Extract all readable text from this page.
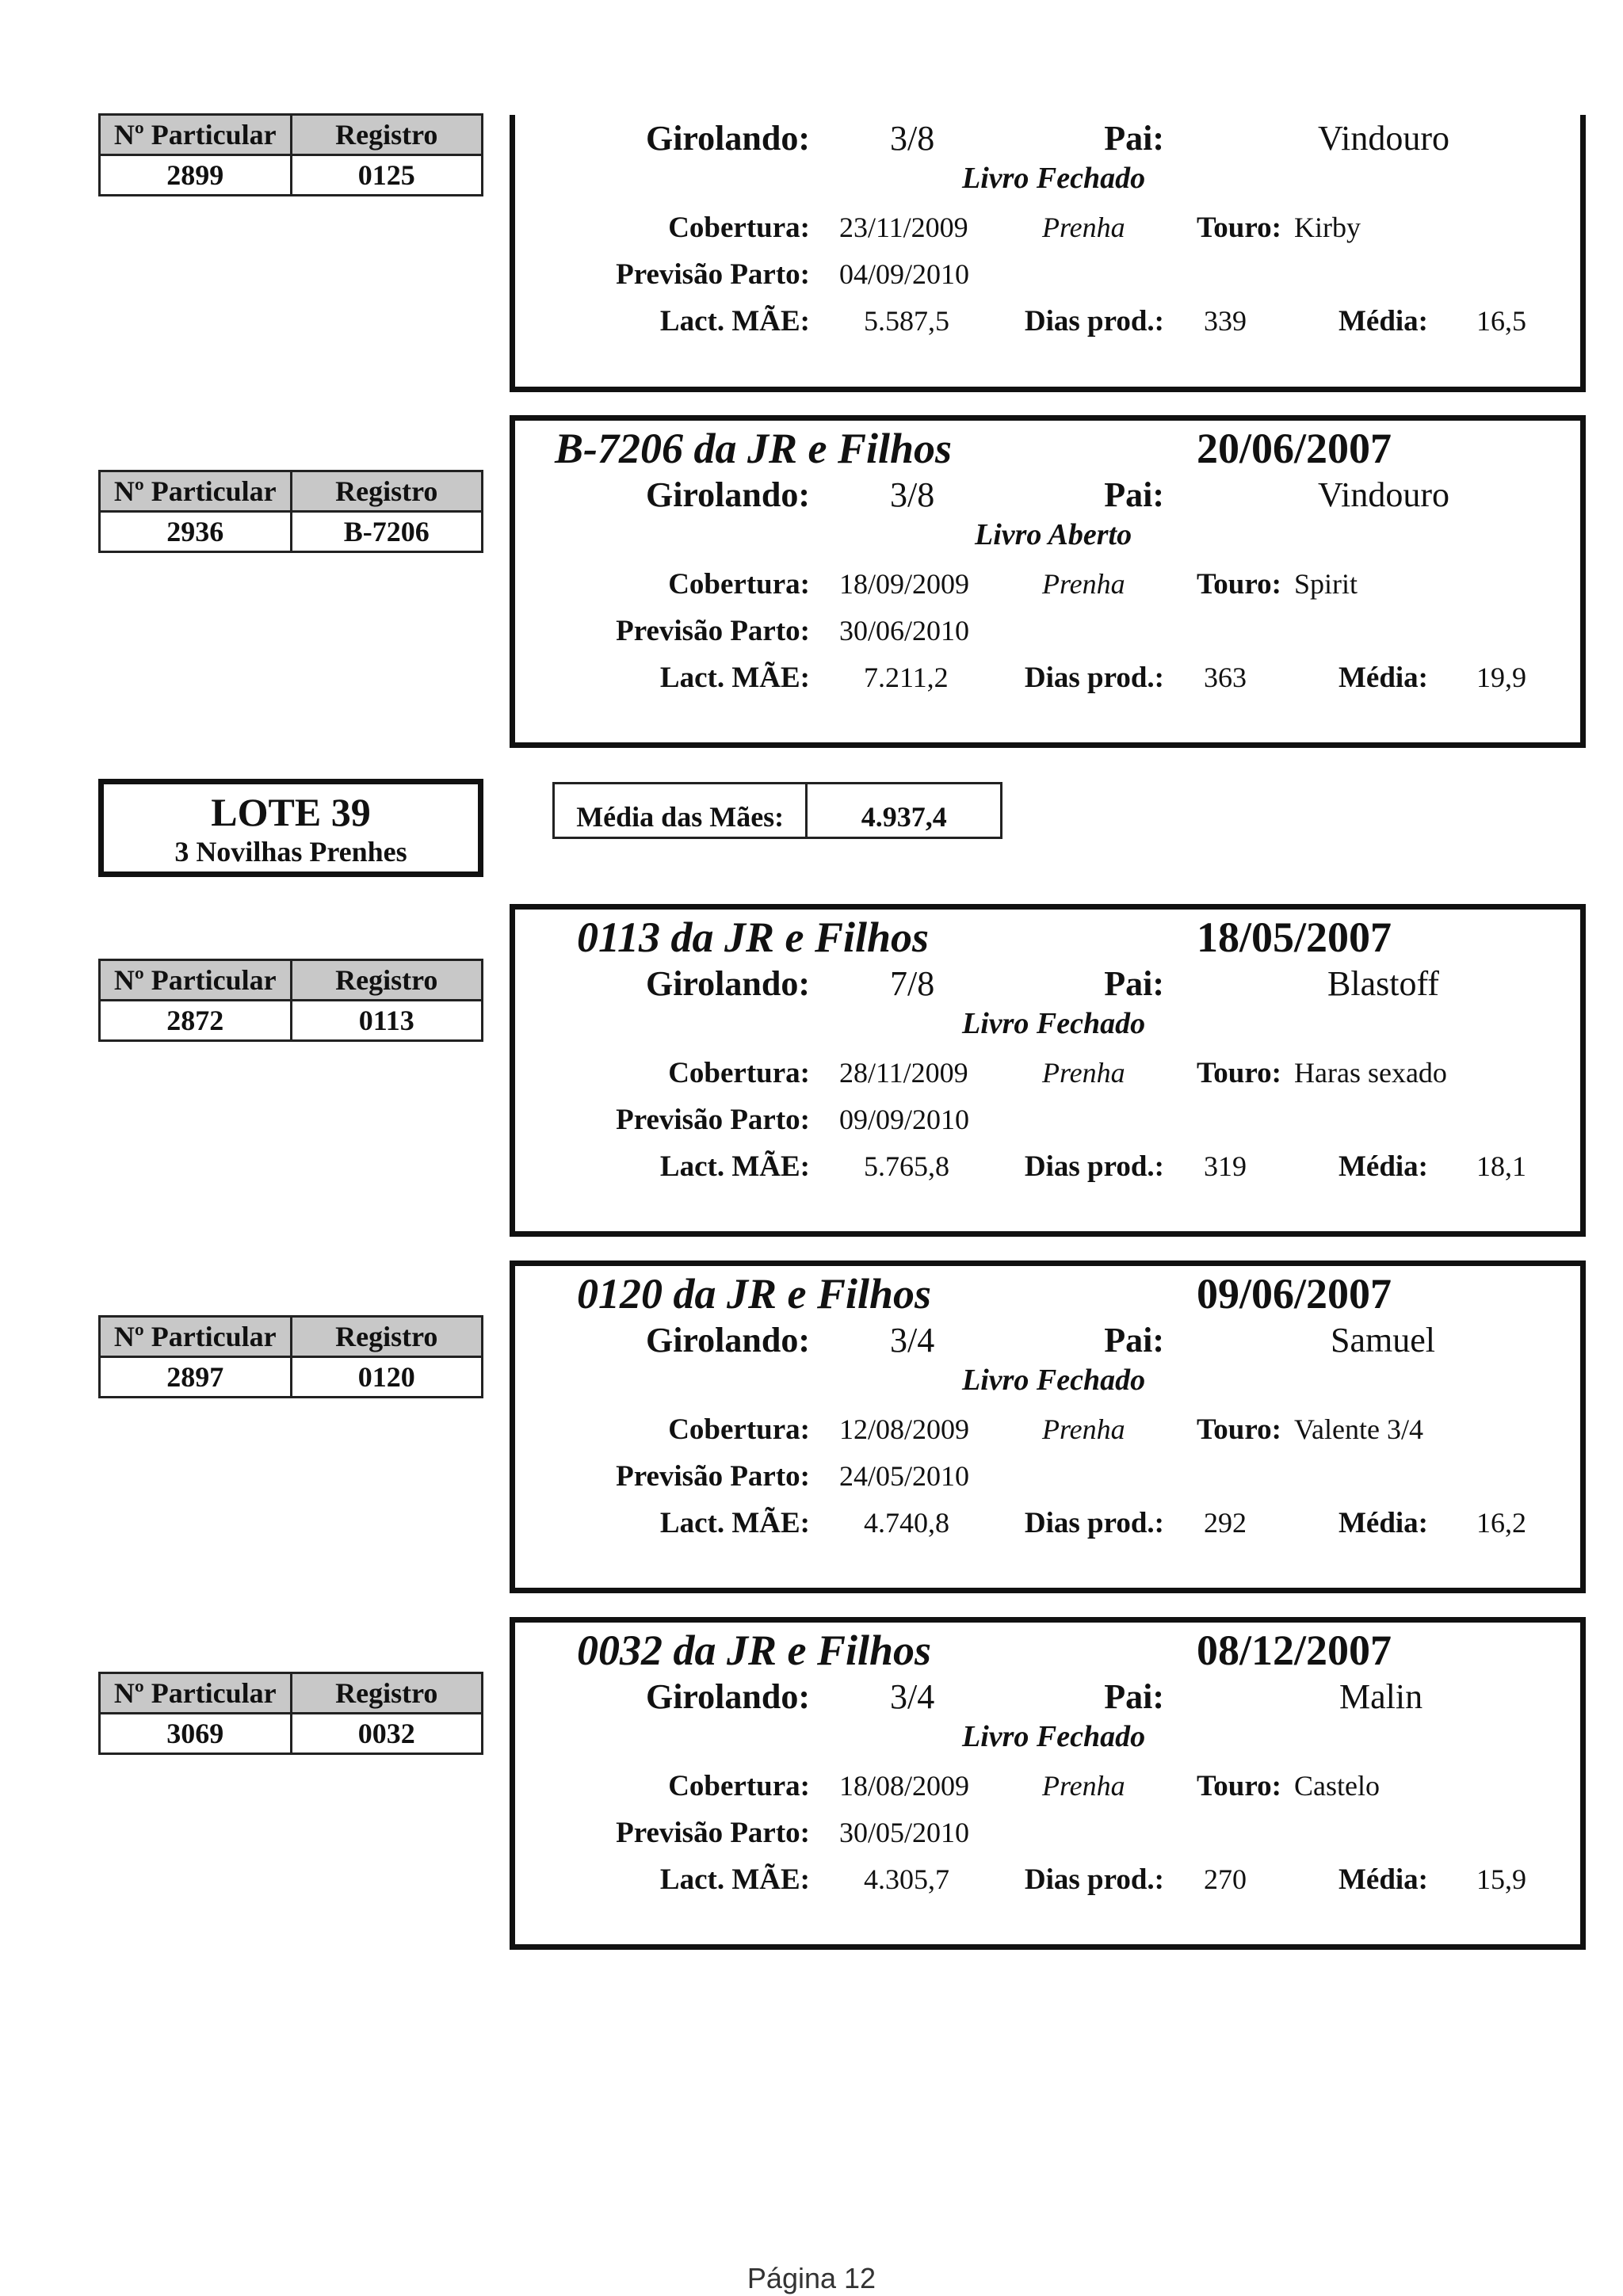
Nº Particular	Registro
2899	0125
Girolando: 3/8	Pai:	Vindouro
Livro Fechado
Cobertura: 23/11/2009	Prenha Touro: Kirby
Previsão Parto: 04/09/2010
Lact. MÃE: 5.587,5	Dias prod.: 339	Média: 16,5
Nº Particular	Registro
2936	B-7206
B-7206 da JR e Filhos	20/06/2007
Girolando: 3/8	Pai:	Vindouro
Livro Aberto
Cobertura: 18/09/2009	Prenha Touro: Spirit
Previsão Parto: 30/06/2010
Lact. MÃE: 7.211,2	Dias prod.: 363	Média: 19,9
LOTE 39
3 Novilhas Prenhes
Média das Mães:	4.937,4
Nº Particular	Registro
2872	0113
0113 da JR e Filhos	18/05/2007
Girolando: 7/8	Pai:	Blastoff
Livro Fechado
Cobertura: 28/11/2009	Prenha Touro: Haras sexado
Previsão Parto: 09/09/2010
Lact. MÃE: 5.765,8	Dias prod.: 319	Média: 18,1
Nº Particular	Registro
2897	0120
0120 da JR e Filhos	09/06/2007
Girolando: 3/4	Pai:	Samuel
Livro Fechado
Cobertura: 12/08/2009	Prenha Touro: Valente 3/4
Previsão Parto: 24/05/2010
Lact. MÃE: 4.740,8	Dias prod.: 292	Média: 16,2
Nº Particular	Registro
3069	0032
0032 da JR e Filhos	08/12/2007
Girolando: 3/4	Pai:	Malin
Livro Fechado
Cobertura: 18/08/2009	Prenha Touro: Castelo
Previsão Parto: 30/05/2010
Lact. MÃE: 4.305,7	Dias prod.: 270	Média: 15,9
Página 12
